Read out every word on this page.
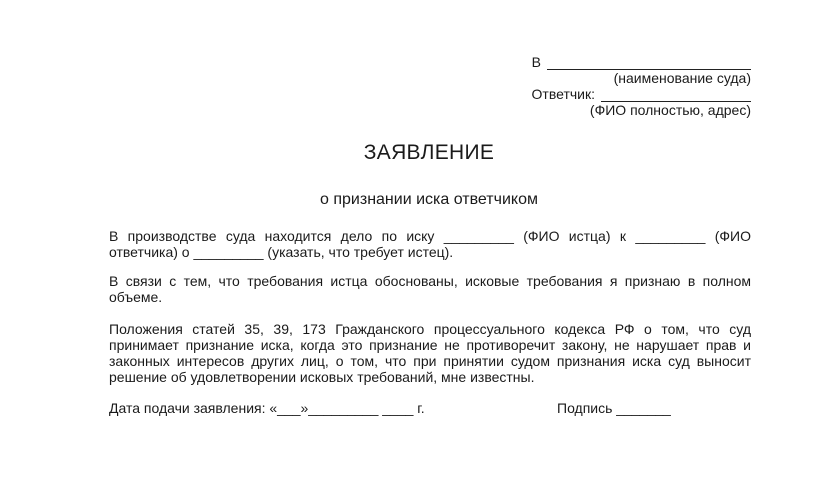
В
(наименование суда)
Ответчик:
(ФИО полностью, адрес)
ЗАЯВЛЕНИЕ
о признании иска ответчиком
В производстве суда находится дело по иску _________ (ФИО истца) к _________ (ФИО ответчика) о _________ (указать, что требует истец).
В связи с тем, что требования истца обоснованы, исковые требования я признаю в полном объеме.
Положения статей 35, 39, 173 Гражданского процессуального кодекса РФ о том, что суд принимает признание иска, когда это признание не противоречит закону, не нарушает прав и законных интересов других лиц, о том, что при принятии судом признания иска суд выносит решение об удовлетворении исковых требований, мне известны.
Дата подачи заявления: «___»_________ ____ г.	Подпись _______
